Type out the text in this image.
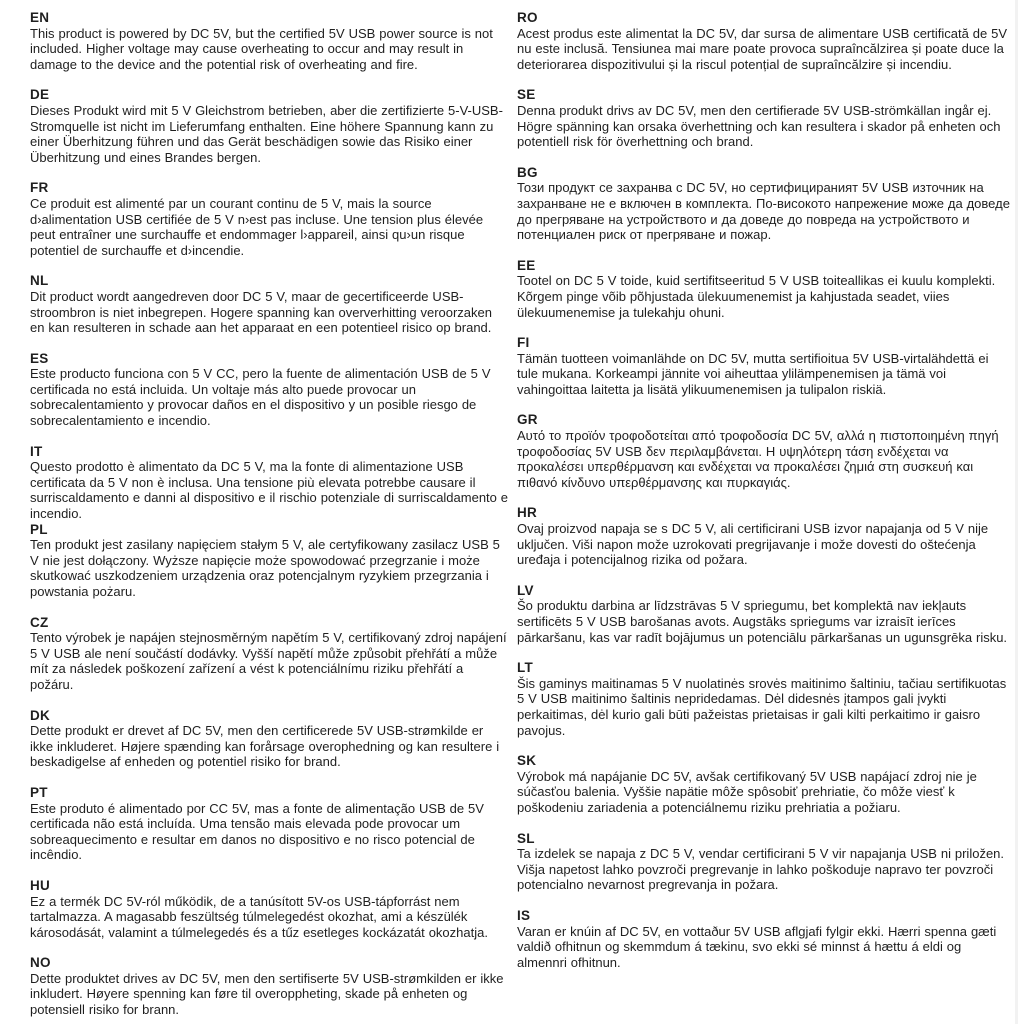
EN
This product is powered by DC 5V, but the certified 5V USB power source is not included. Higher voltage may cause overheating to occur and may result in damage to the device and the potential risk of overheating and fire.
DE
Dieses Produkt wird mit 5 V Gleichstrom betrieben, aber die zertifizierte 5-V-USB-Stromquelle ist nicht im Lieferumfang enthalten. Eine höhere Spannung kann zu einer Überhitzung führen und das Gerät beschädigen sowie das Risiko einer Überhitzung und eines Brandes bergen.
FR
Ce produit est alimenté par un courant continu de 5 V, mais la source d›alimentation USB certifiée de 5 V n›est pas incluse. Une tension plus élevée peut entraîner une surchauffe et endommager l›appareil, ainsi qu›un risque potentiel de surchauffe et d›incendie.
NL
Dit product wordt aangedreven door DC 5 V, maar de gecertificeerde USB-stroombron is niet inbegrepen. Hogere spanning kan oververhitting veroorzaken en kan resulteren in schade aan het apparaat en een potentieel risico op brand.
ES
Este producto funciona con 5 V CC, pero la fuente de alimentación USB de 5 V certificada no está incluida. Un voltaje más alto puede provocar un sobrecalentamiento y provocar daños en el dispositivo y un posible riesgo de sobrecalentamiento e incendio.
IT
Questo prodotto è alimentato da DC 5 V, ma la fonte di alimentazione USB certificata da 5 V non è inclusa. Una tensione più elevata potrebbe causare il surriscaldamento e danni al dispositivo e il rischio potenziale di surriscaldamento e incendio.
PL
Ten produkt jest zasilany napięciem stałym 5 V, ale certyfikowany zasilacz USB 5 V nie jest dołączony. Wyższe napięcie może spowodować przegrzanie i może skutkować uszkodzeniem urządzenia oraz potencjalnym ryzykiem przegrzania i powstania pożaru.
CZ
Tento výrobek je napájen stejnosměrným napětím 5 V, certifikovaný zdroj napájení 5 V USB ale není součástí dodávky. Vyšší napětí může způsobit přehřátí a může mít za následek poškození zařízení a vést k potenciálnímu riziku přehřátí a požáru.
DK
Dette produkt er drevet af DC 5V, men den certificerede 5V USB-strømkilde er ikke inkluderet. Højere spænding kan forårsage overophedning og kan resultere i beskadigelse af enheden og potentiel risiko for brand.
PT
Este produto é alimentado por CC 5V, mas a fonte de alimentação USB de 5V certificada não está incluída. Uma tensão mais elevada pode provocar um sobreaquecimento e resultar em danos no dispositivo e no risco potencial de incêndio.
HU
Ez a termék DC 5V-ról működik, de a tanúsított 5V-os USB-tápforrást nem tartalmazza. A magasabb feszültség túlmelegedést okozhat, ami a készülék károsodását, valamint a túlmelegedés és a tűz esetleges kockázatát okozhatja.
NO
Dette produktet drives av DC 5V, men den sertifiserte 5V USB-strømkilden er ikke inkludert. Høyere spenning kan føre til overoppheting, skade på enheten og potensiell risiko for brann.
RO
Acest produs este alimentat la DC 5V, dar sursa de alimentare USB certificată de 5V nu este inclusă. Tensiunea mai mare poate provoca supraîncălzirea și poate duce la deteriorarea dispozitivului și la riscul potențial de supraîncălzire și incendiu.
SE
Denna produkt drivs av DC 5V, men den certifierade 5V USB-strömkällan ingår ej. Högre spänning kan orsaka överhettning och kan resultera i skador på enheten och potentiell risk för överhettning och brand.
BG
Този продукт се захранва с DC 5V, но сертифицираният 5V USB източник на захранване не е включен в комплекта. По-високото напрежение може да доведе до прегряване на устройството и да доведе до повреда на устройството и потенциален риск от прегряване и пожар.
EE
Tootel on DC 5 V toide, kuid sertifitseeritud 5 V USB toiteallikas ei kuulu komplekti. Kõrgem pinge võib põhjustada ülekuumenemist ja kahjustada seadet, viies ülekuumenemise ja tulekahju ohuni.
FI
Tämän tuotteen voimanlähde on DC 5V, mutta sertifioitua 5V USB-virtalähdettä ei tule mukana. Korkeampi jännite voi aiheuttaa ylilämpenemisen ja tämä voi vahingoittaa laitetta ja lisätä ylikuumenemisen ja tulipalon riskiä.
GR
Αυτό το προϊόν τροφοδοτείται από τροφοδοσία DC 5V, αλλά η πιστοποιημένη πηγή τροφοδοσίας 5V USB δεν περιλαμβάνεται. Η υψηλότερη τάση ενδέχεται να προκαλέσει υπερθέρμανση και ενδέχεται να προκαλέσει ζημιά στη συσκευή και πιθανό κίνδυνο υπερθέρμανσης και πυρκαγιάς.
HR
Ovaj proizvod napaja se s DC 5 V, ali certificirani USB izvor napajanja od 5 V nije uključen. Viši napon može uzrokovati pregrijavanje i može dovesti do oštećenja uređaja i potencijalnog rizika od požara.
LV
Šo produktu darbina ar līdzstrāvas 5 V spriegumu, bet komplektā nav iekļauts sertificēts 5 V USB barošanas avots. Augstāks spriegums var izraisīt ierīces pārkaršanu, kas var radīt bojājumus un potenciālu pārkaršanas un ugunsgrēka risku.
LT
Šis gaminys maitinamas 5 V nuolatinės srovės maitinimo šaltiniu, tačiau sertifikuotas 5 V USB maitinimo šaltinis nepridedamas. Dėl didesnės įtampos gali įvykti perkaitimas, dėl kurio gali būti pažeistas prietaisas ir gali kilti perkaitimo ir gaisro pavojus.
SK
Výrobok má napájanie DC 5V, avšak certifikovaný 5V USB napájací zdroj nie je súčasťou balenia. Vyššie napätie môže spôsobiť prehriatie, čo môže viesť k poškodeniu zariadenia a potenciálnemu riziku prehriatia a požiaru.
SL
Ta izdelek se napaja z DC 5 V, vendar certificirani 5 V vir napajanja USB ni priložen. Višja napetost lahko povzroči pregrevanje in lahko poškoduje napravo ter povzroči potencialno nevarnost pregrevanja in požara.
IS
Varan er knúin af DC 5V, en vottaður 5V USB aflgjafi fylgir ekki. Hærri spenna gæti valdið ofhitnun og skemmdum á tækinu, svo ekki sé minnst á hættu á eldi og almennri ofhitnun.
